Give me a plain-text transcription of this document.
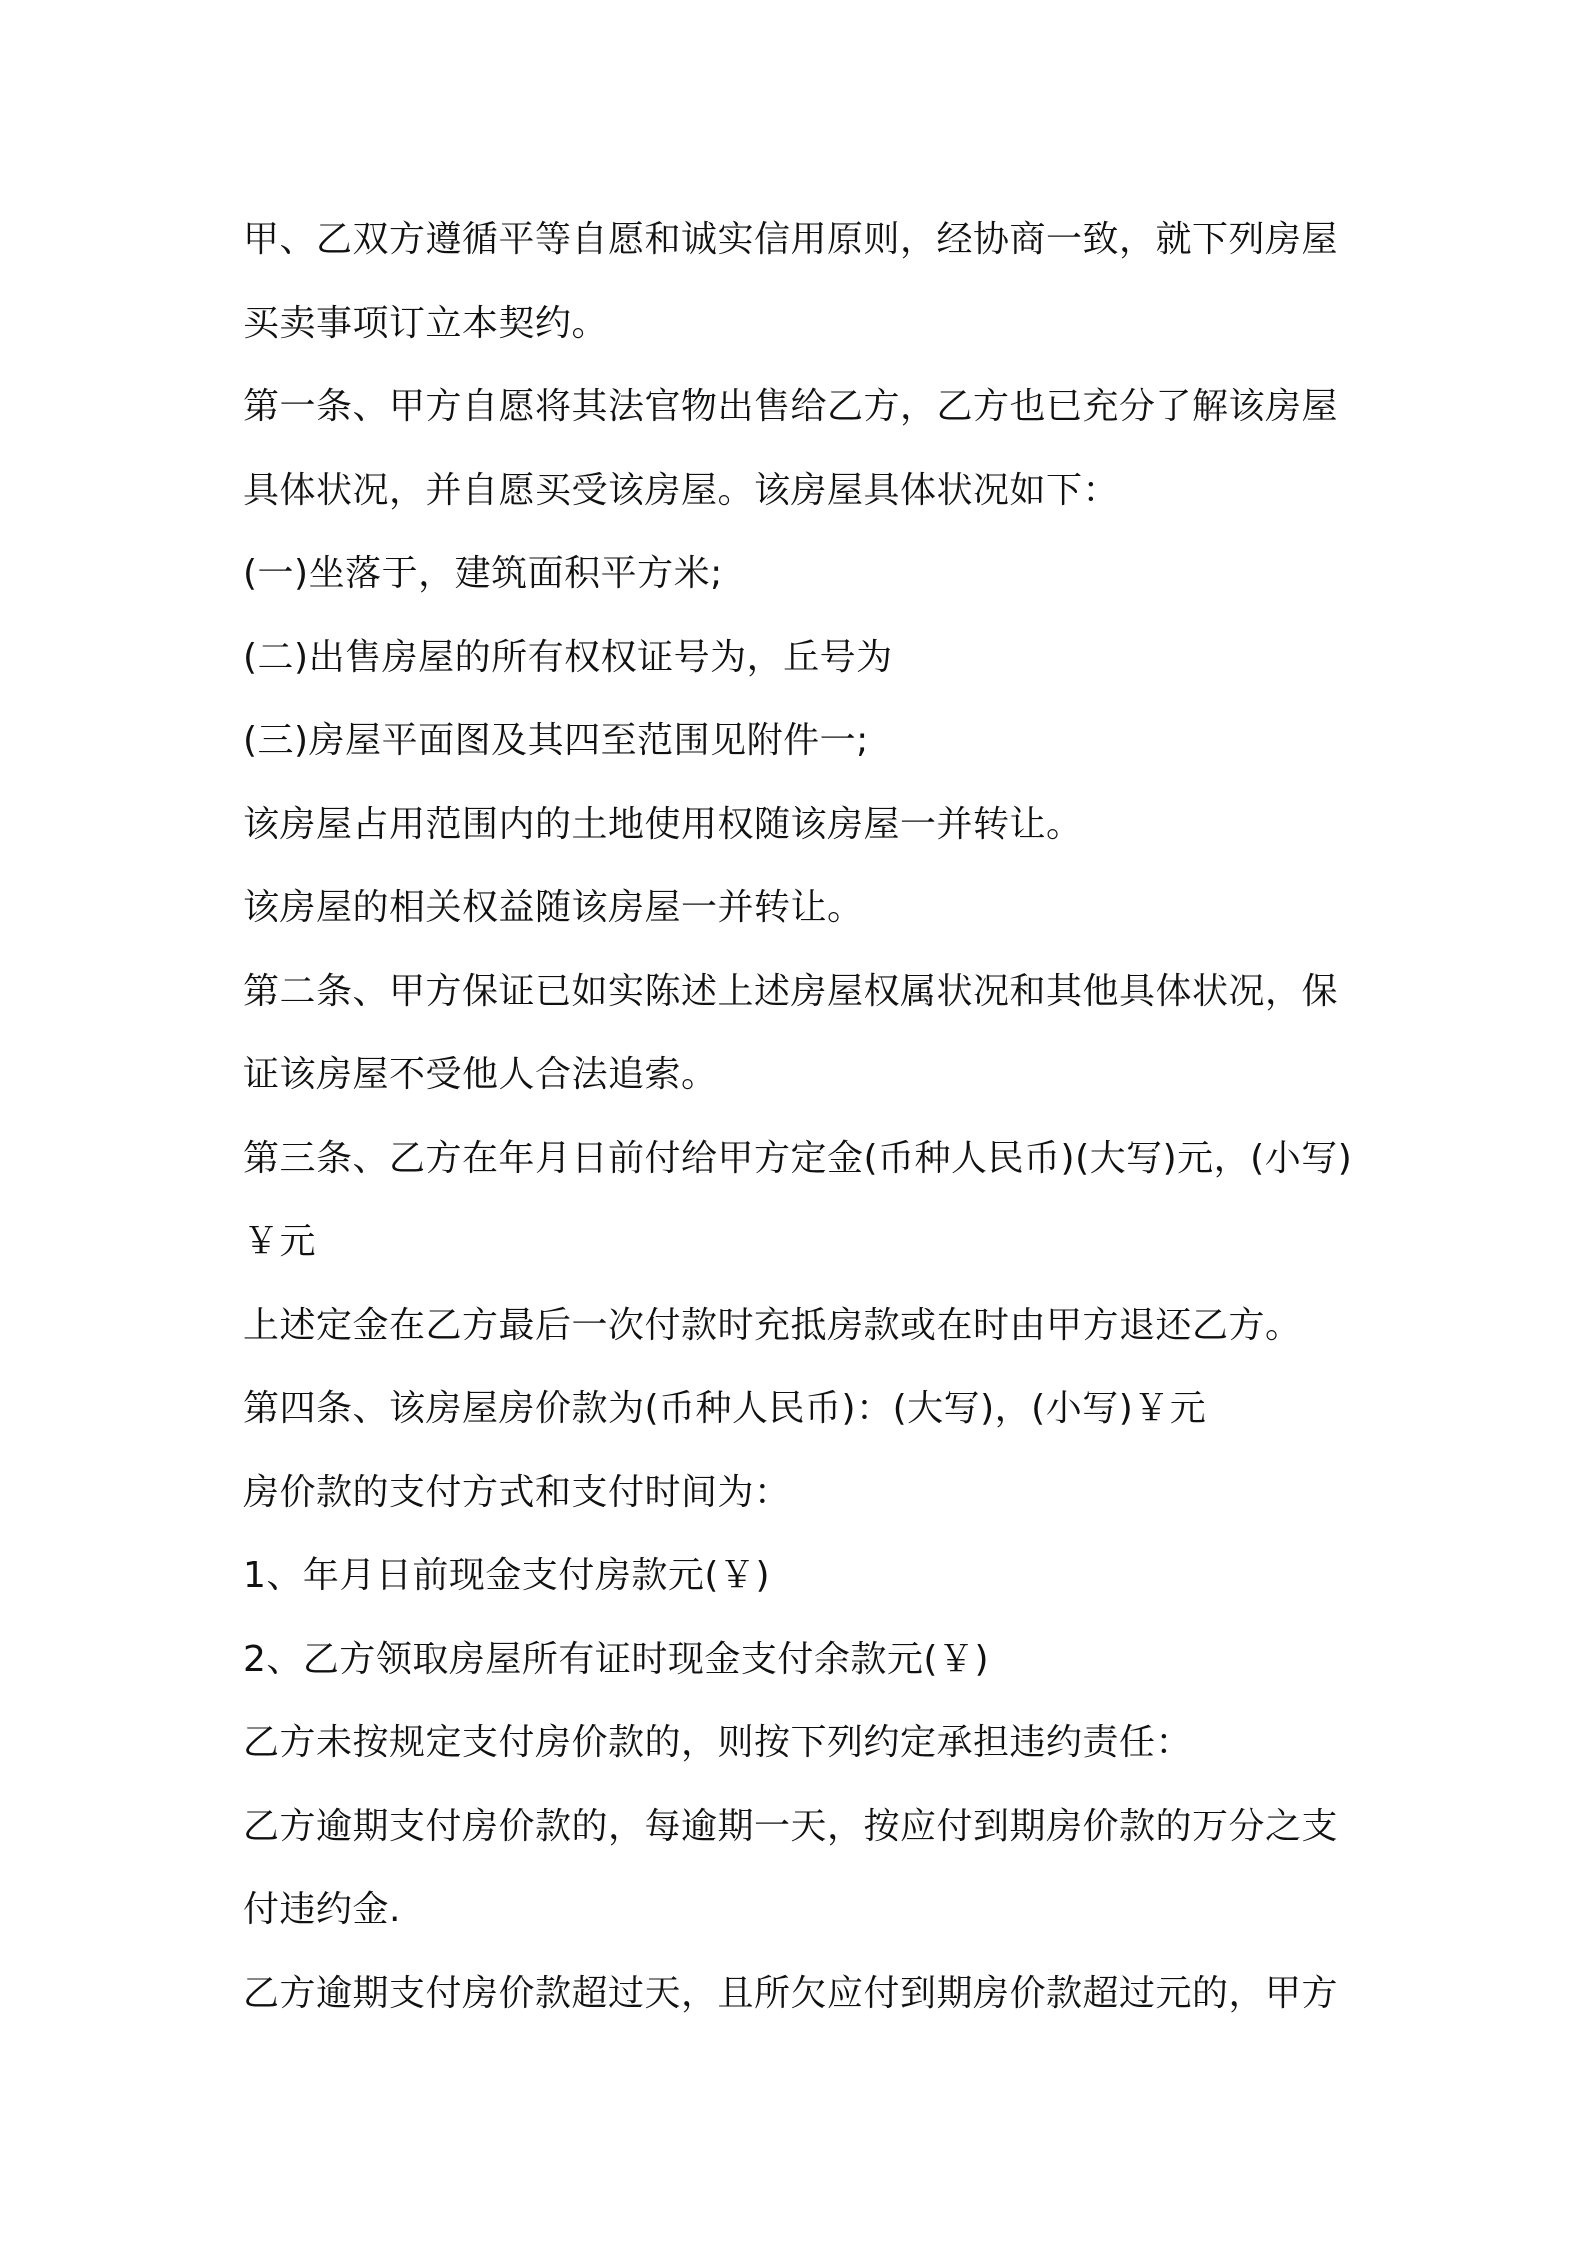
甲、乙双方遵循平等自愿和诚实信用原则，经协商一致，就下列房屋
买卖事项订立本契约。
第一条、甲方自愿将其法官物出售给乙方，乙方也已充分了解该房屋
具体状况，并自愿买受该房屋。该房屋具体状况如下：
(一)坐落于，建筑面积平方米;
(二)出售房屋的所有权权证号为，丘号为
(三)房屋平面图及其四至范围见附件一;
该房屋占用范围内的土地使用权随该房屋一并转让。
该房屋的相关权益随该房屋一并转让。
第二条、甲方保证已如实陈述上述房屋权属状况和其他具体状况，保
证该房屋不受他人合法追索。
第三条、乙方在年月日前付给甲方定金(币种人民币)(大写)元，(小写)
￥元
上述定金在乙方最后一次付款时充抵房款或在时由甲方退还乙方。
第四条、该房屋房价款为(币种人民币)：(大写)，(小写)￥元
房价款的支付方式和支付时间为：
1、年月日前现金支付房款元(￥)
2、乙方领取房屋所有证时现金支付余款元(￥)
乙方未按规定支付房价款的，则按下列约定承担违约责任：
乙方逾期支付房价款的，每逾期一天，按应付到期房价款的万分之支
付违约金.
乙方逾期支付房价款超过天，且所欠应付到期房价款超过元的，甲方
